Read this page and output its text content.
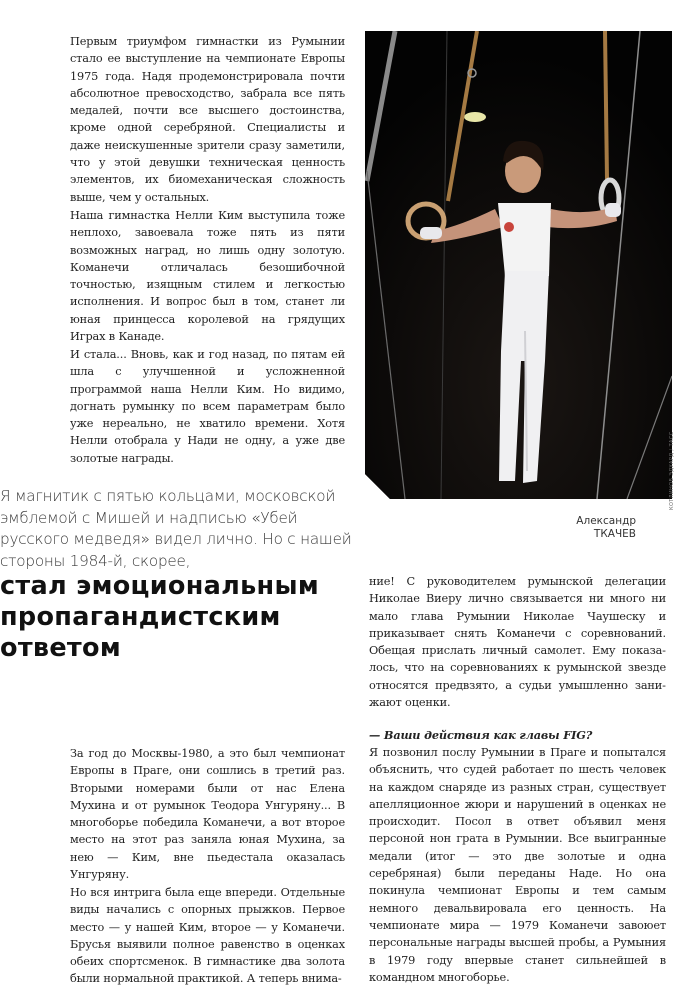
Первым триумфом гимнастки из Румынии стало ее выступление на чемпионате Европы 1975 года. Надя продемонстрировала почти абсолютное превосходство, забрала все пять медалей, почти все высшего достоинства, кроме одной серебряной. Специалисты и даже неискушенные зрители сразу заметили, что у этой девушки техническая ценность элементов, их биомеханическая сложность выше, чем у остальных.

Наша гимнастка Нелли Ким выступила тоже неплохо, завоевала тоже пять из пяти возможных наград, но лишь одну золотую. Команечи отличалась безошибочной точностью, изящным стилем и легкостью исполнения. И вопрос был в том, станет ли юная принцесса королевой на грядущих Играх в Канаде.

И стала... Вновь, как и год назад, по пятам ей шла с улучшенной и усложненной программой наша Нелли Ким. Но видимо, догнать румынку по всем параметрам было уже нереально, не хватило времени. Хотя Нелли отобрала у Нади не одну, а уже две золотые награды.	КОТЛИНОВ ЭДУАРД / ТАСС
Александр
ТКАЧЕВ
Я магнитик с пятью кольцами, московской эмблемой с Мишей и надписью «Убей русского медведя» видел лично. Но с нашей стороны 1984-й, скорее,
стал эмоциональным пропагандистским ответом

ние! С руководителем румынской делегации Николае Виеру лично связывается ни много ни мало глава Румынии Николае Чаушеску и приказывает снять Команечи с соревнований. Обещая прислать личный самолет. Ему показалось, что на соревнованиях к румынской звезде относятся предвзято, а судьи умышленно занижают оценки.

— Ваши действия как главы FIG?

Я позвонил послу Румынии в Праге и попытался объяснить, что судей работает по шесть человек на каждом снаряде из разных стран, существует апелляционное жюри и нарушений в оценках не происходит. Посол в ответ объявил меня персоной нон грата в Румынии. Все выигранные медали (итог — это две золотые и одна серебряная) были переданы Наде. Но она покинула чемпионат Европы и тем самым немного девальвировала его ценность. На чемпионате мира — 1979 Команечи завоюет персональные награды высшей пробы, а Румыния в 1979 году впервые станет сильнейшей в командном многоборье.

За год до Москвы-1980, а это был чемпионат Европы в Праге, они сошлись в третий раз. Вторыми номерами были от нас Елена Мухина и от румынок Теодора Унгуряну... В многоборье победила Команечи, а вот второе место на этот раз заняла юная Мухина, за нею — Ким, вне пьедестала оказалась Унгуряну.

Но вся интрига была еще впереди. Отдельные виды начались с опорных прыжков. Первое место — у нашей Ким, второе — у Команечи. Брусья выявили полное равенство в оценках обеих спортсменок. В гимнастике два золота были нормальной практикой. А теперь внима-
